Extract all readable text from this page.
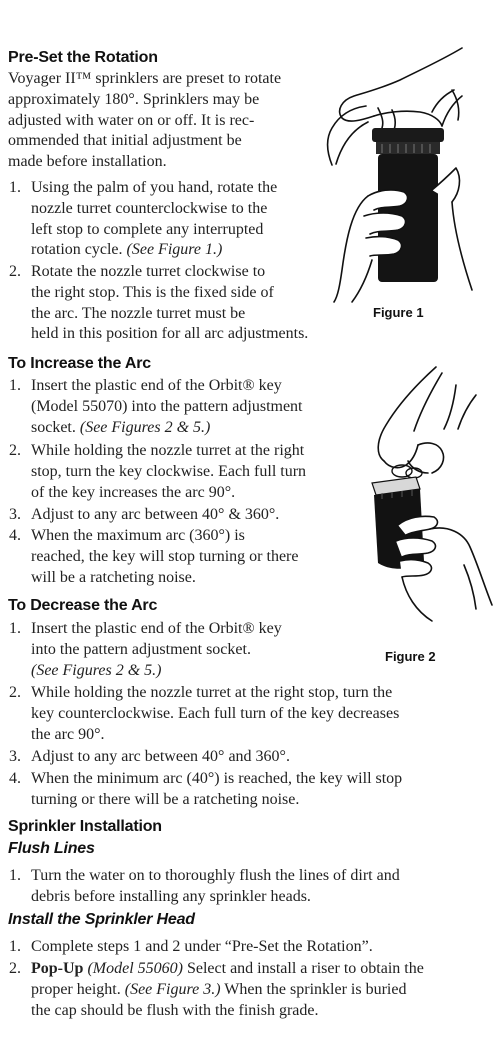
Pre-Set the Rotation
Voyager II™ sprinklers are preset to rotate
approximately 180°. Sprinklers may be
adjusted with water on or off. It is rec-
ommended that initial adjustment be
made before installation.
1. Using the palm of you hand, rotate the
nozzle turret counterclockwise to the
left stop to complete any interrupted
rotation cycle. (See Figure 1.)
2. Rotate the nozzle turret clockwise to
the right stop. This is the fixed side of
the arc. The nozzle turret must be
held in this position for all arc adjustments.
To Increase the Arc
1. Insert the plastic end of the Orbit® key
(Model 55070) into the pattern adjustment
socket. (See Figures 2 & 5.)
2. While holding the nozzle turret at the right
stop, turn the key clockwise. Each full turn
of the key increases the arc 90°.
3. Adjust to any arc between 40° & 360°.
4. When the maximum arc (360°) is
reached, the key will stop turning or there
will be a ratcheting noise.
To Decrease the Arc
1. Insert the plastic end of the Orbit® key
into the pattern adjustment socket.
(See Figures 2 & 5.)
2. While holding the nozzle turret at the right stop, turn the
key counterclockwise. Each full turn of the key decreases
the arc 90°.
3. Adjust to any arc between 40° and 360°.
4. When the minimum arc (40°) is reached, the key will stop
turning or there will be a ratcheting noise.
Sprinkler Installation
Flush Lines
1. Turn the water on to thoroughly flush the lines of dirt and
debris before installing any sprinkler heads.
Install the Sprinkler Head
1. Complete steps 1 and 2 under “Pre-Set the Rotation”.
2. Pop-Up (Model 55060) Select and install a riser to obtain the
proper height. (See Figure 3.) When the sprinkler is buried
the cap should be flush with the finish grade.
Figure 1
Figure 2
